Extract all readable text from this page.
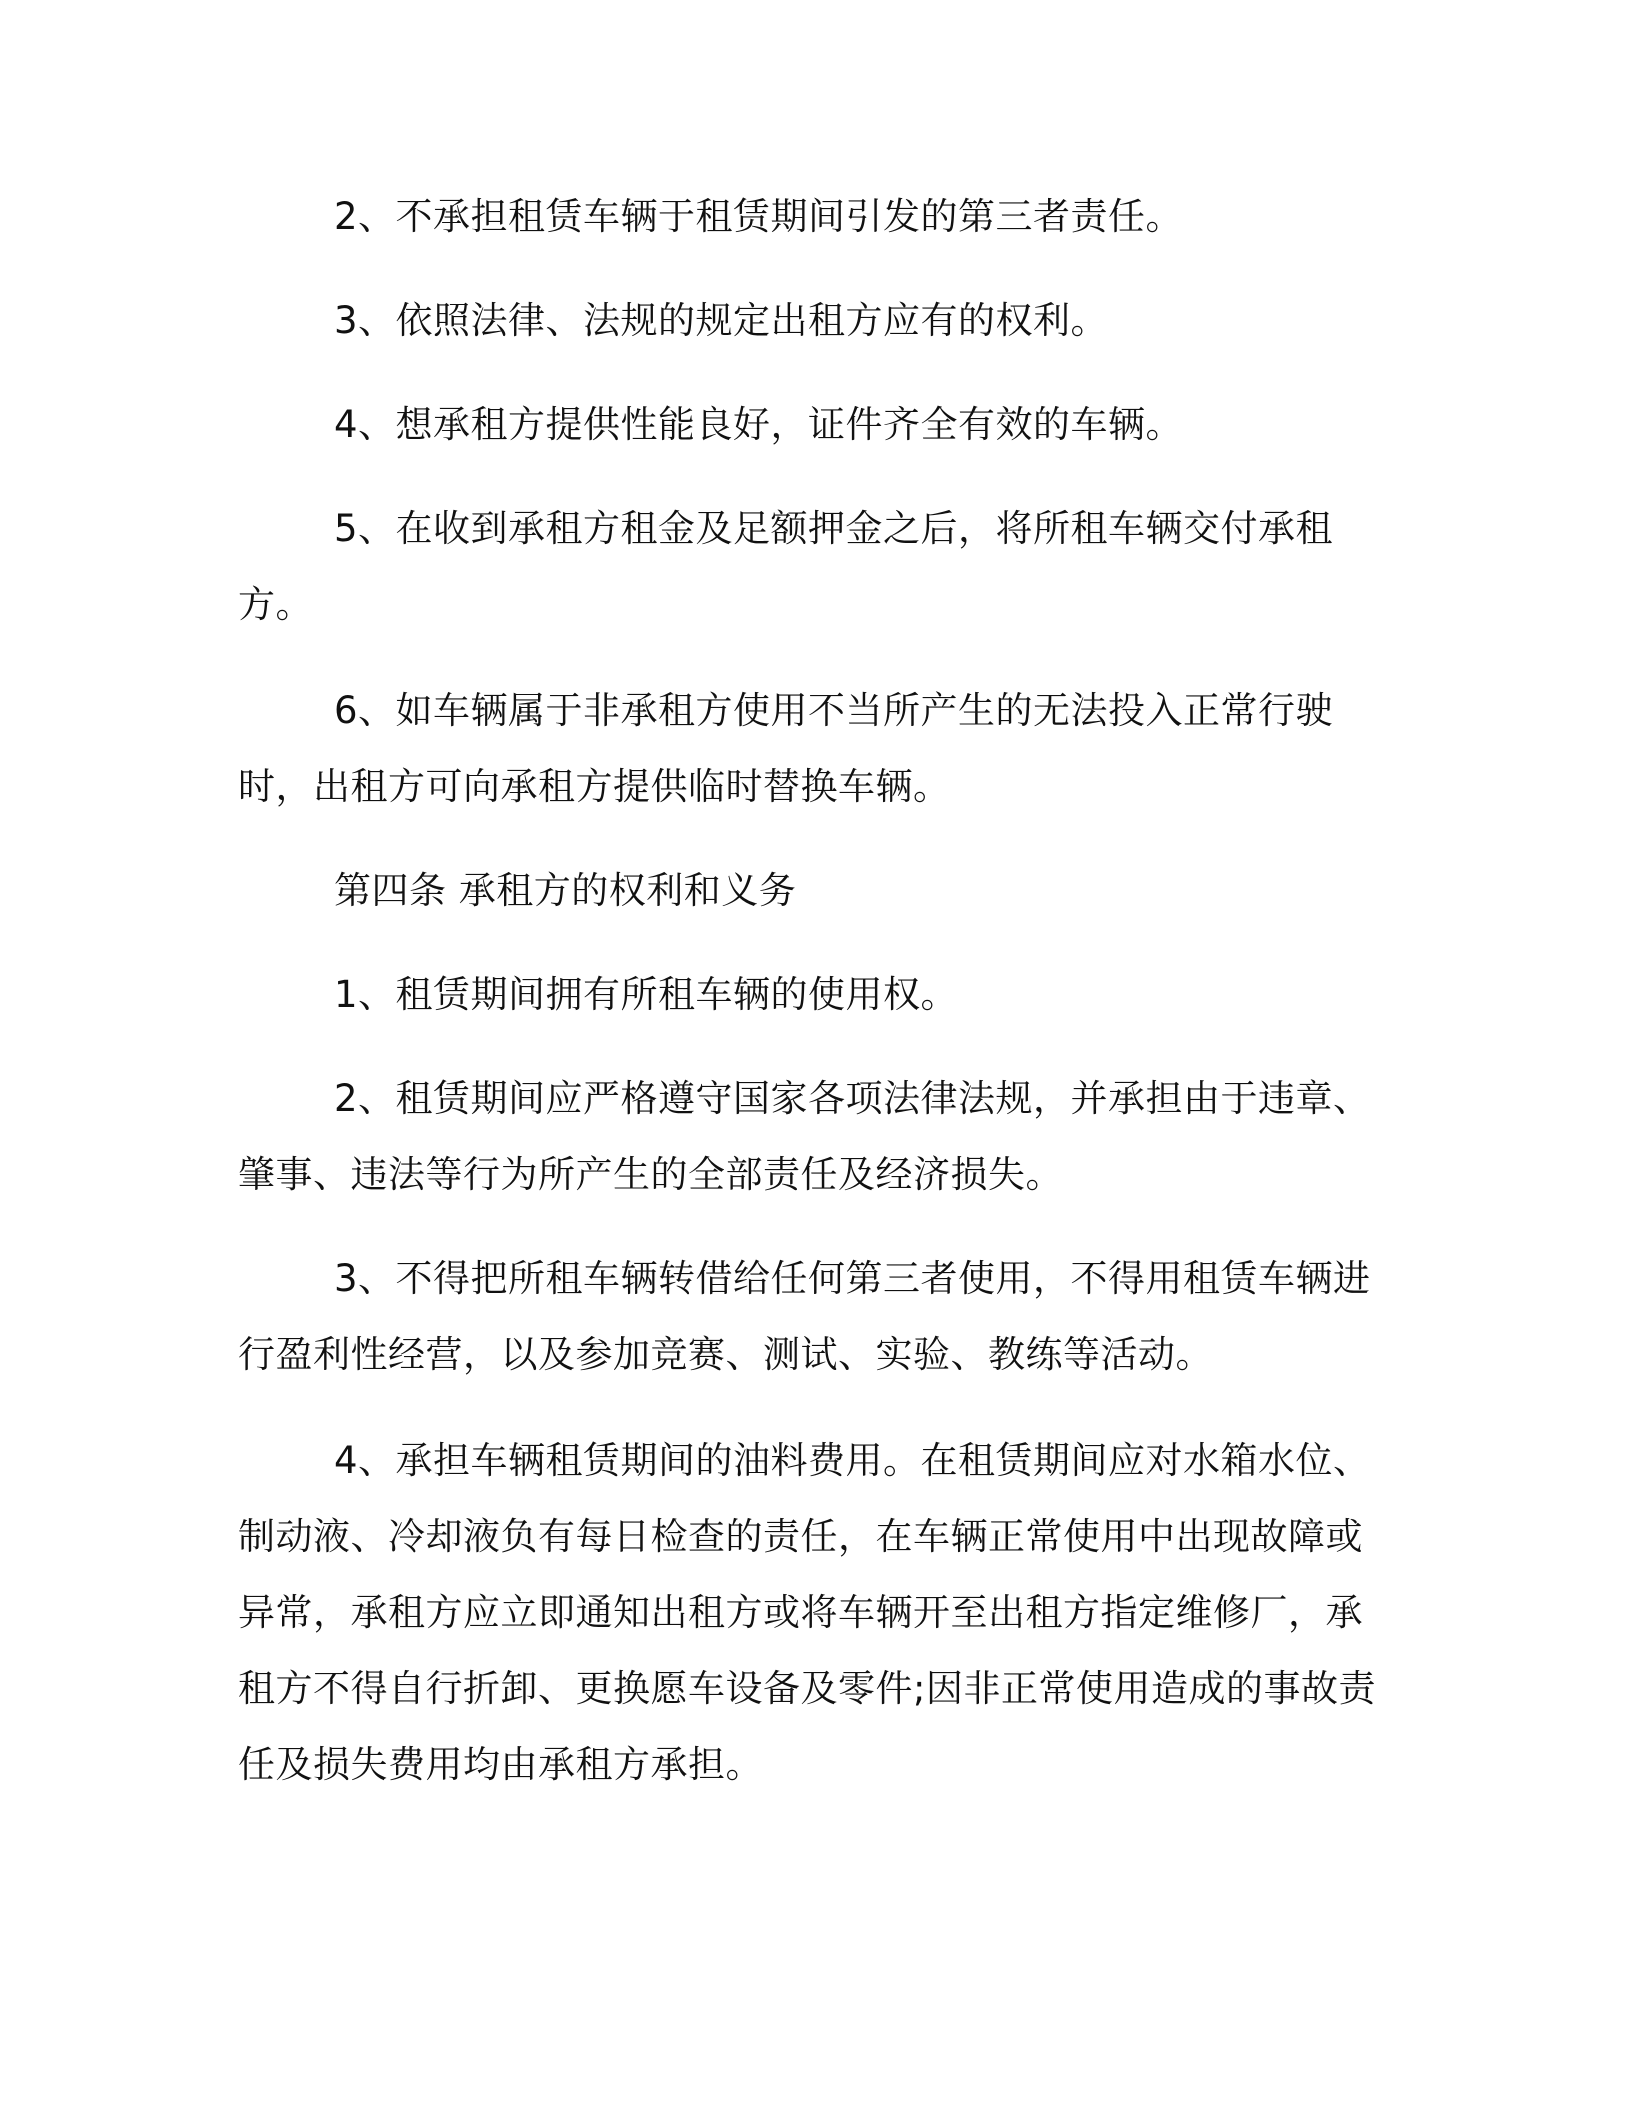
2、不承担租赁车辆于租赁期间引发的第三者责任。

3、依照法律、法规的规定出租方应有的权利。

4、想承租方提供性能良好，证件齐全有效的车辆。

5、在收到承租方租金及足额押金之后，将所租车辆交付承租

方。

6、如车辆属于非承租方使用不当所产生的无法投入正常行驶

时，出租方可向承租方提供临时替换车辆。

第四条 承租方的权利和义务

1、租赁期间拥有所租车辆的使用权。

2、租赁期间应严格遵守国家各项法律法规，并承担由于违章、

肇事、违法等行为所产生的全部责任及经济损失。

3、不得把所租车辆转借给任何第三者使用，不得用租赁车辆进

行盈利性经营，以及参加竞赛、测试、实验、教练等活动。

4、承担车辆租赁期间的油料费用。在租赁期间应对水箱水位、

制动液、冷却液负有每日检查的责任，在车辆正常使用中出现故障或

异常，承租方应立即通知出租方或将车辆开至出租方指定维修厂，承

租方不得自行折卸、更换愿车设备及零件;因非正常使用造成的事故责

任及损失费用均由承租方承担。
